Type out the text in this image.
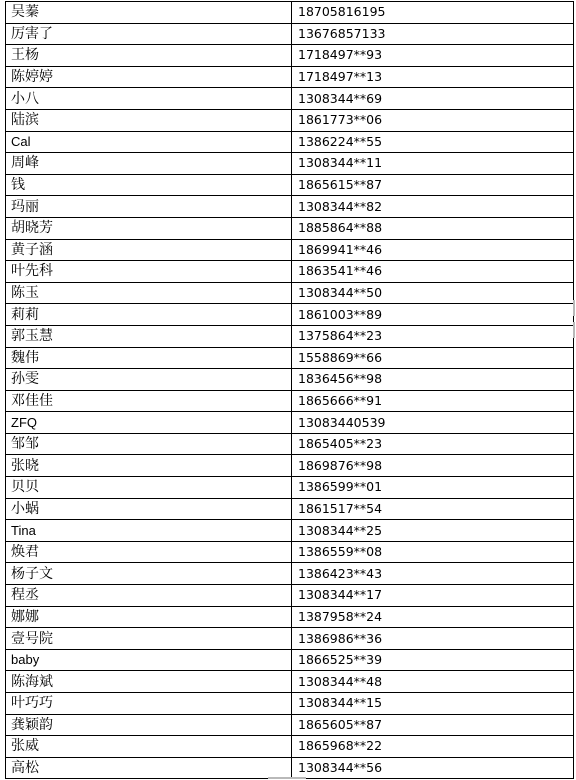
吴蓁	18705816195
厉害了	13676857133
王杨	1718497**93
陈婷婷	1718497**13
小八	1308344**69
陆滨	1861773**06
Cal	1386224**55
周峰	1308344**11
钱	1865615**87
玛丽	1308344**82
胡晓芳	1885864**88
黄子涵	1869941**46
叶先科	1863541**46
陈玉	1308344**50
莉莉	1861003**89
郭玉慧	1375864**23
魏伟	1558869**66
孙雯	1836456**98
邓佳佳	1865666**91
ZFQ	13083440539
邹邹	1865405**23
张晓	1869876**98
贝贝	1386599**01
小蜗	1861517**54
Tina	1308344**25
焕君	1386559**08
杨子文	1386423**43
程丞	1308344**17
娜娜	1387958**24
壹号院	1386986**36
baby	1866525**39
陈海斌	1308344**48
叶巧巧	1308344**15
龚颖韵	1865605**87
张威	1865968**22
高松	1308344**56
